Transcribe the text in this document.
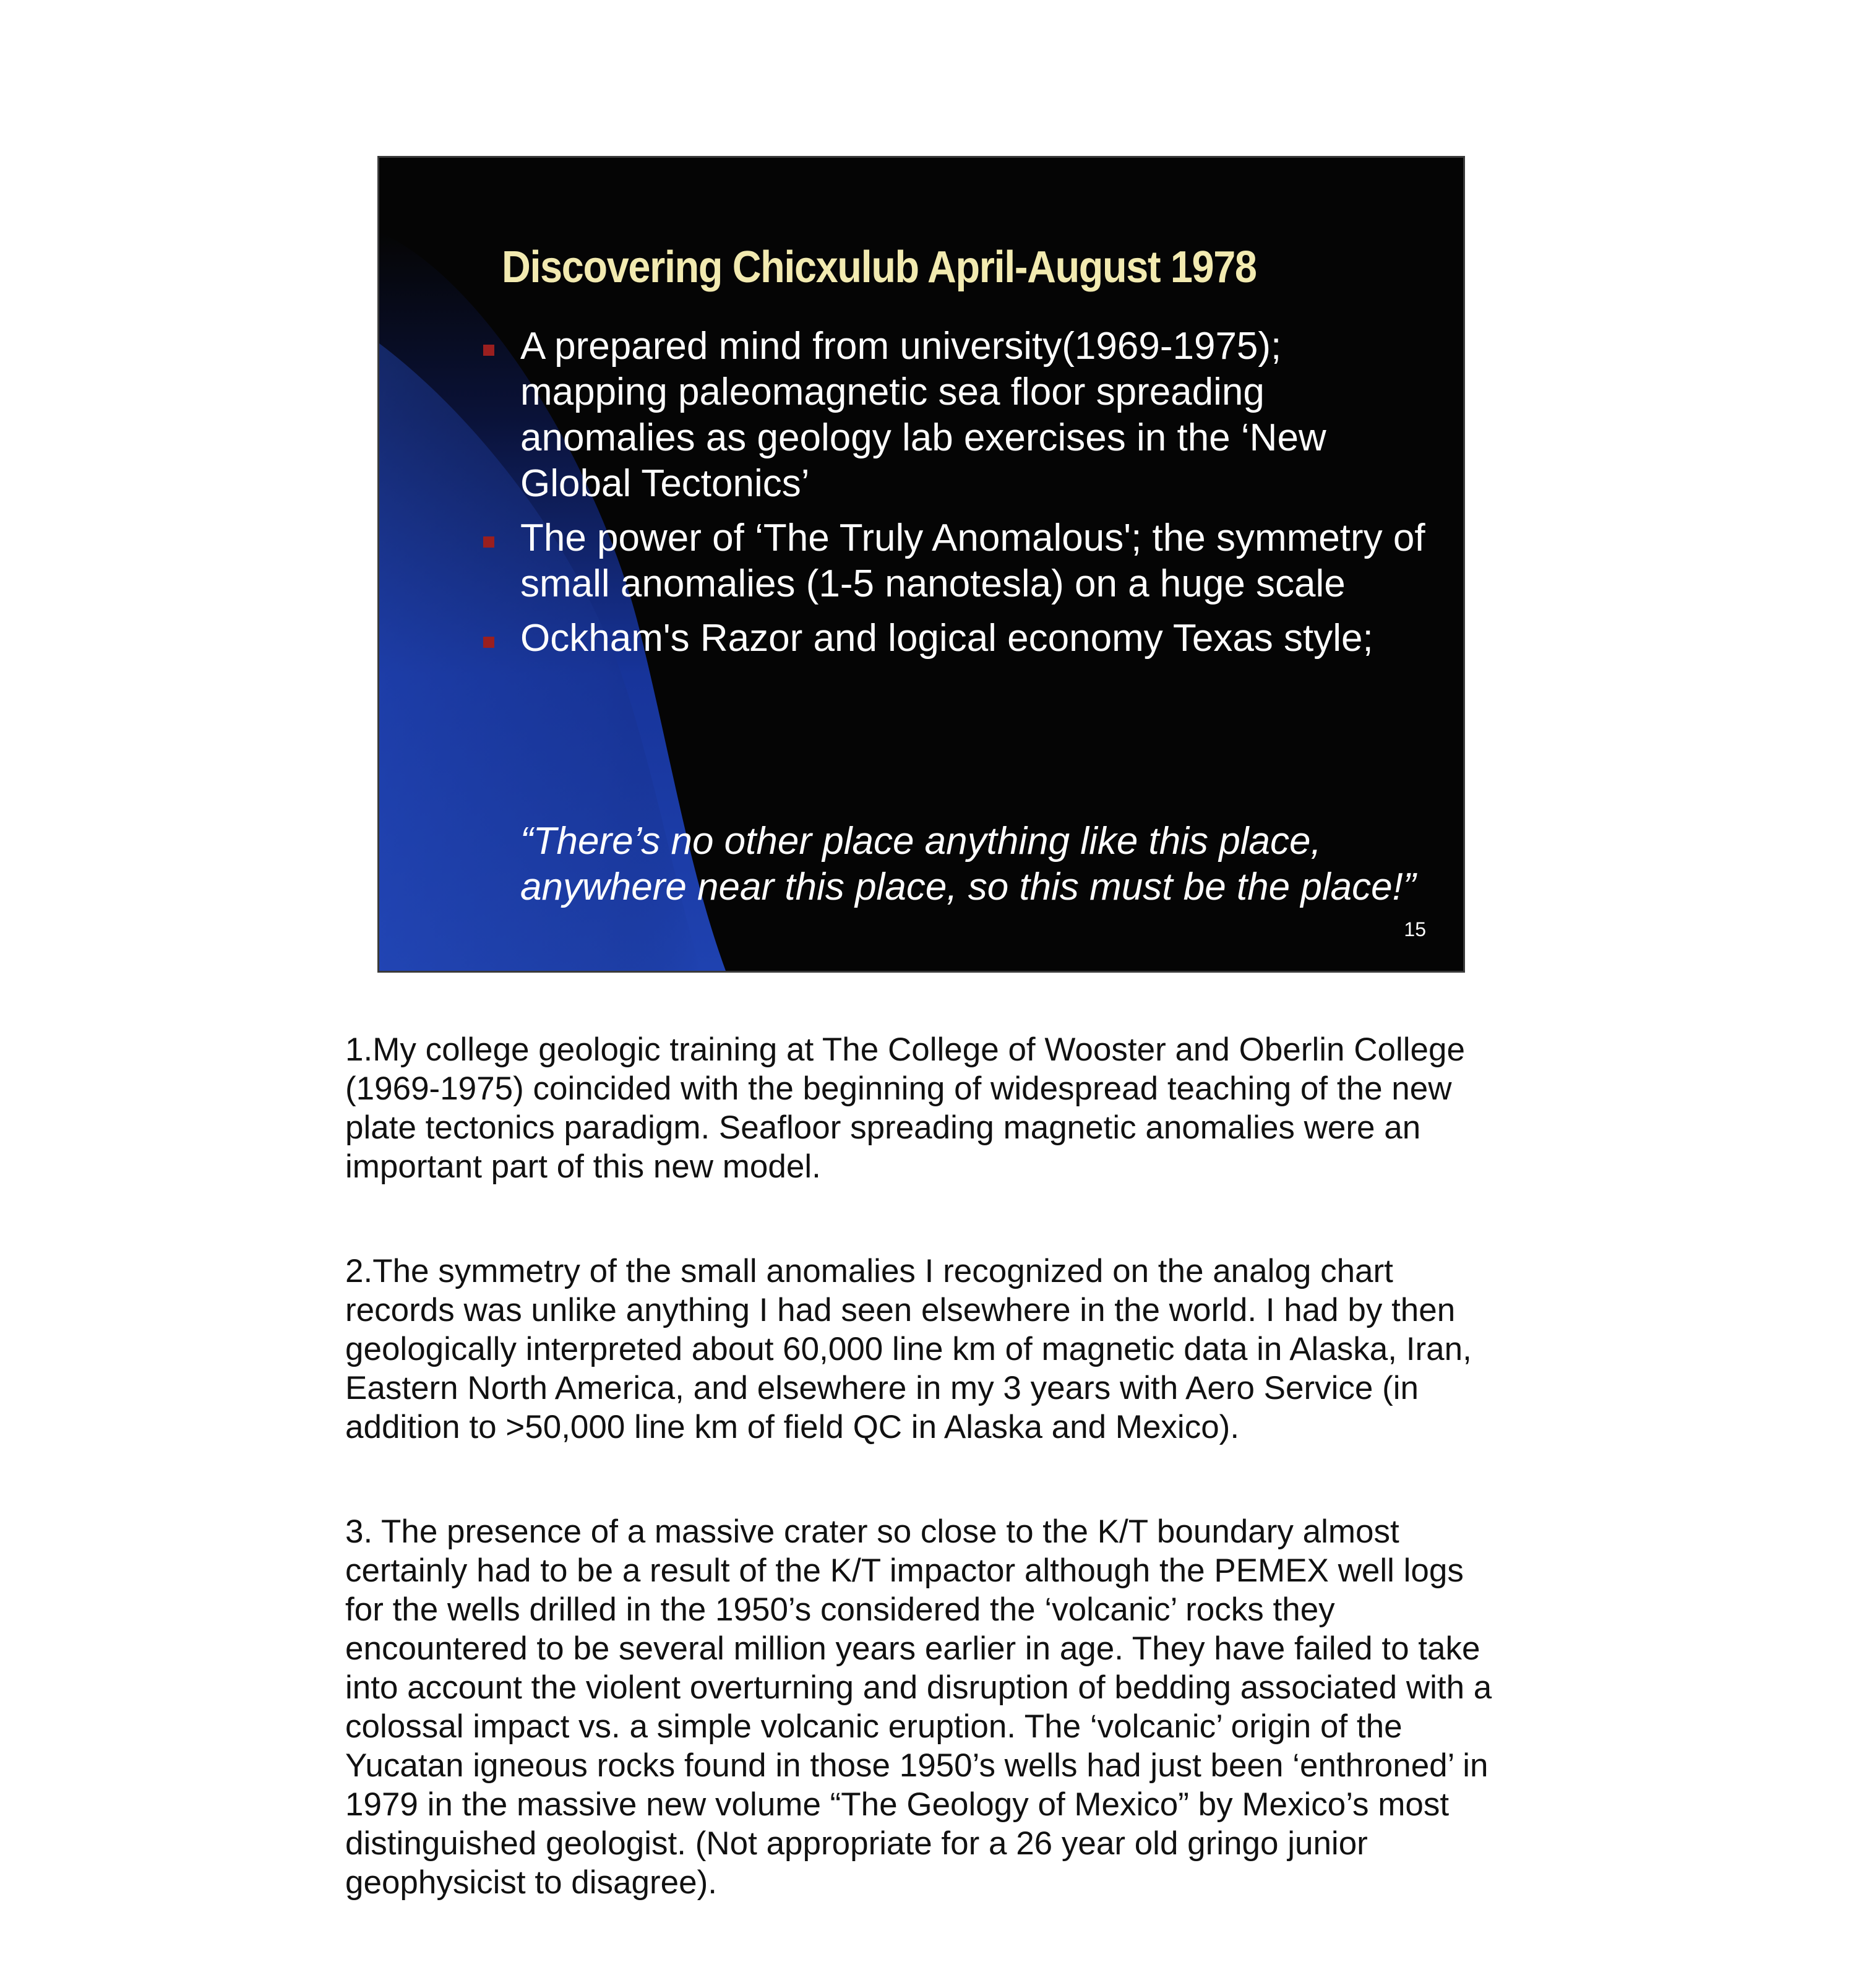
Discovering Chicxulub April-August 1978
A prepared mind from university(1969-1975); mapping paleomagnetic sea floor spreading anomalies as geology lab exercises in the ‘New Global Tectonics’
The power of ‘The Truly Anomalous'; the symmetry of small anomalies (1-5 nanotesla) on a huge scale
Ockham's Razor and logical economy Texas style;

“There’s no other place anything like this place, anywhere near this place, so this must be the place!”

15

1.My college geologic training at The College of Wooster and Oberlin College (1969-1975) coincided with the beginning of widespread teaching of the new plate tectonics paradigm. Seafloor spreading magnetic anomalies were an important part of this new model.

2.The symmetry of the small anomalies I recognized on the analog chart records was unlike anything I had seen elsewhere in the world. I had by then geologically interpreted about 60,000 line km of magnetic data in Alaska, Iran, Eastern North America, and elsewhere in my 3 years with Aero Service (in addition to >50,000 line km of field QC in Alaska and Mexico).

3. The presence of a massive crater so close to the K/T boundary almost certainly had to be a result of the K/T impactor although the PEMEX well logs for the wells drilled in the 1950’s considered the ‘volcanic’ rocks they encountered to be several million years earlier in age. They have failed to take into account the violent overturning and disruption of bedding associated with a colossal impact vs. a simple volcanic eruption. The ‘volcanic’ origin of the Yucatan igneous rocks found in those 1950’s wells had just been ‘enthroned’ in 1979 in the massive new volume “The Geology of Mexico” by Mexico’s most distinguished geologist. (Not appropriate for a 26 year old gringo junior geophysicist to disagree).
